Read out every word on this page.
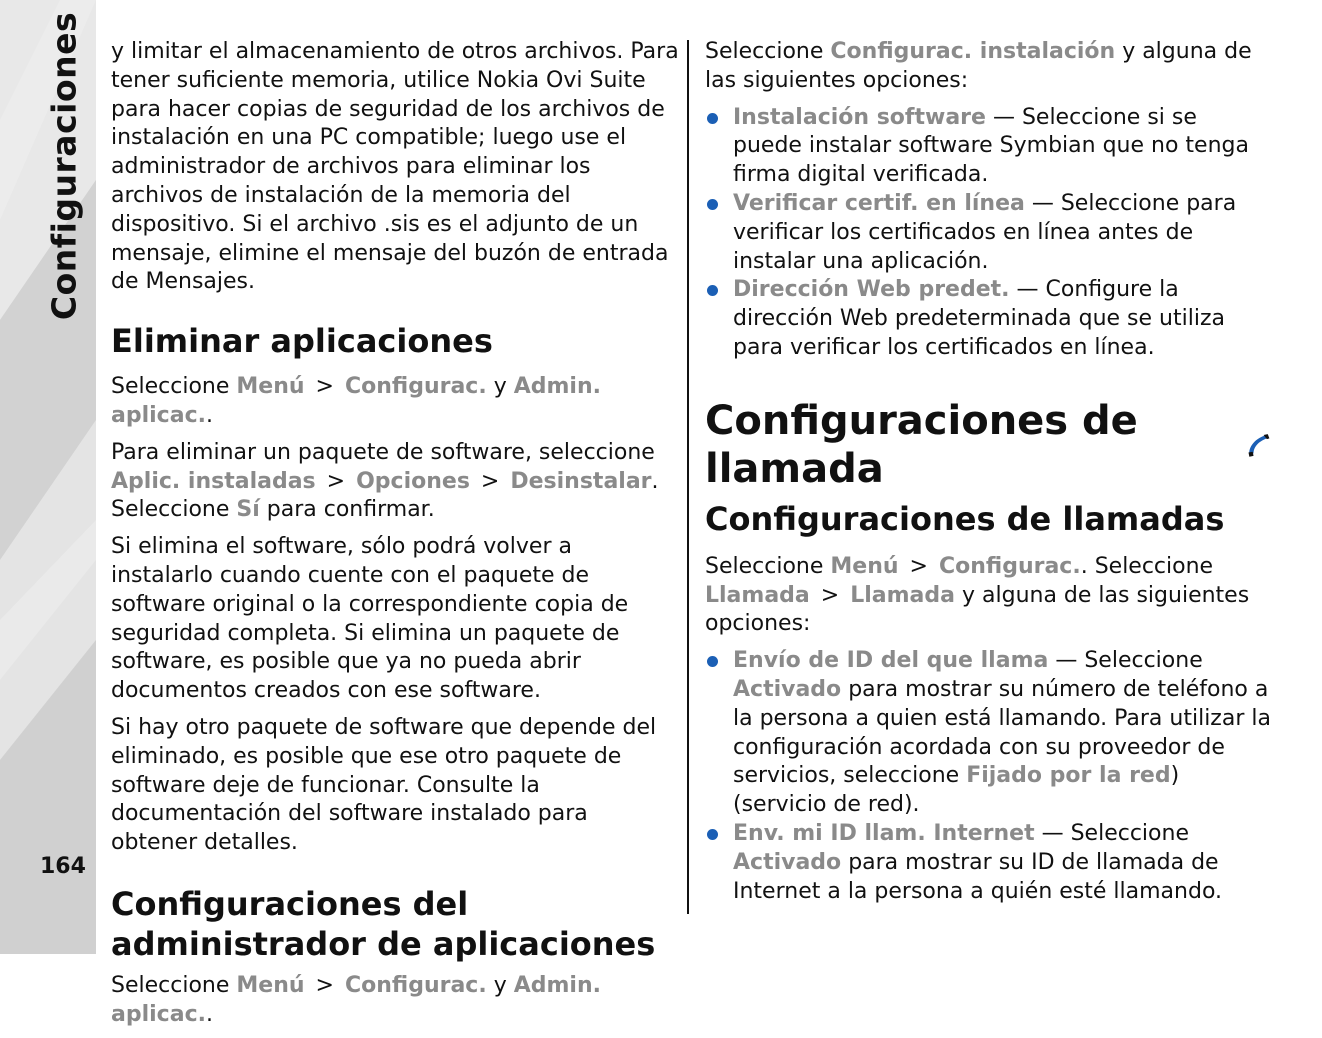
Configuraciones
164

y limitar el almacenamiento de otros archivos. Para tener suficiente memoria, utilice Nokia Ovi Suite para hacer copias de seguridad de los archivos de instalación en una PC compatible; luego use el administrador de archivos para eliminar los archivos de instalación de la memoria del dispositivo. Si el archivo .sis es el adjunto de un mensaje, elimine el mensaje del buzón de entrada de Mensajes.

Eliminar aplicaciones

Seleccione Menú > Configurac. y Admin. aplicac..

Para eliminar un paquete de software, seleccione
Aplic. instaladas > Opciones > Desinstalar.
Seleccione Sí para confirmar.

Si elimina el software, sólo podrá volver a instalarlo cuando cuente con el paquete de software original o la correspondiente copia de seguridad completa. Si elimina un paquete de software, es posible que ya no pueda abrir documentos creados con ese software.

Si hay otro paquete de software que depende del eliminado, es posible que ese otro paquete de software deje de funcionar. Consulte la documentación del software instalado para obtener detalles.

Configuraciones del administrador de aplicaciones

Seleccione Menú > Configurac. y Admin. aplicac..

Seleccione Configurac. instalación y alguna de las siguientes opciones:

Instalación software — Seleccione si se puede instalar software Symbian que no tenga firma digital verificada.
Verificar certif. en línea — Seleccione para verificar los certificados en línea antes de instalar una aplicación.
Dirección Web predet. — Configure la dirección Web predeterminada que se utiliza para verificar los certificados en línea.
Configuraciones de llamada
Configuraciones de llamadas

Seleccione Menú > Configurac.. Seleccione
Llamada > Llamada y alguna de las siguientes opciones:

Envío de ID del que llama — Seleccione Activado para mostrar su número de teléfono a la persona a quien está llamando. Para utilizar la configuración acordada con su proveedor de servicios, seleccione Fijado por la red) (servicio de red).
Env. mi ID llam. Internet — Seleccione Activado para mostrar su ID de llamada de Internet a la persona a quién esté llamando.
